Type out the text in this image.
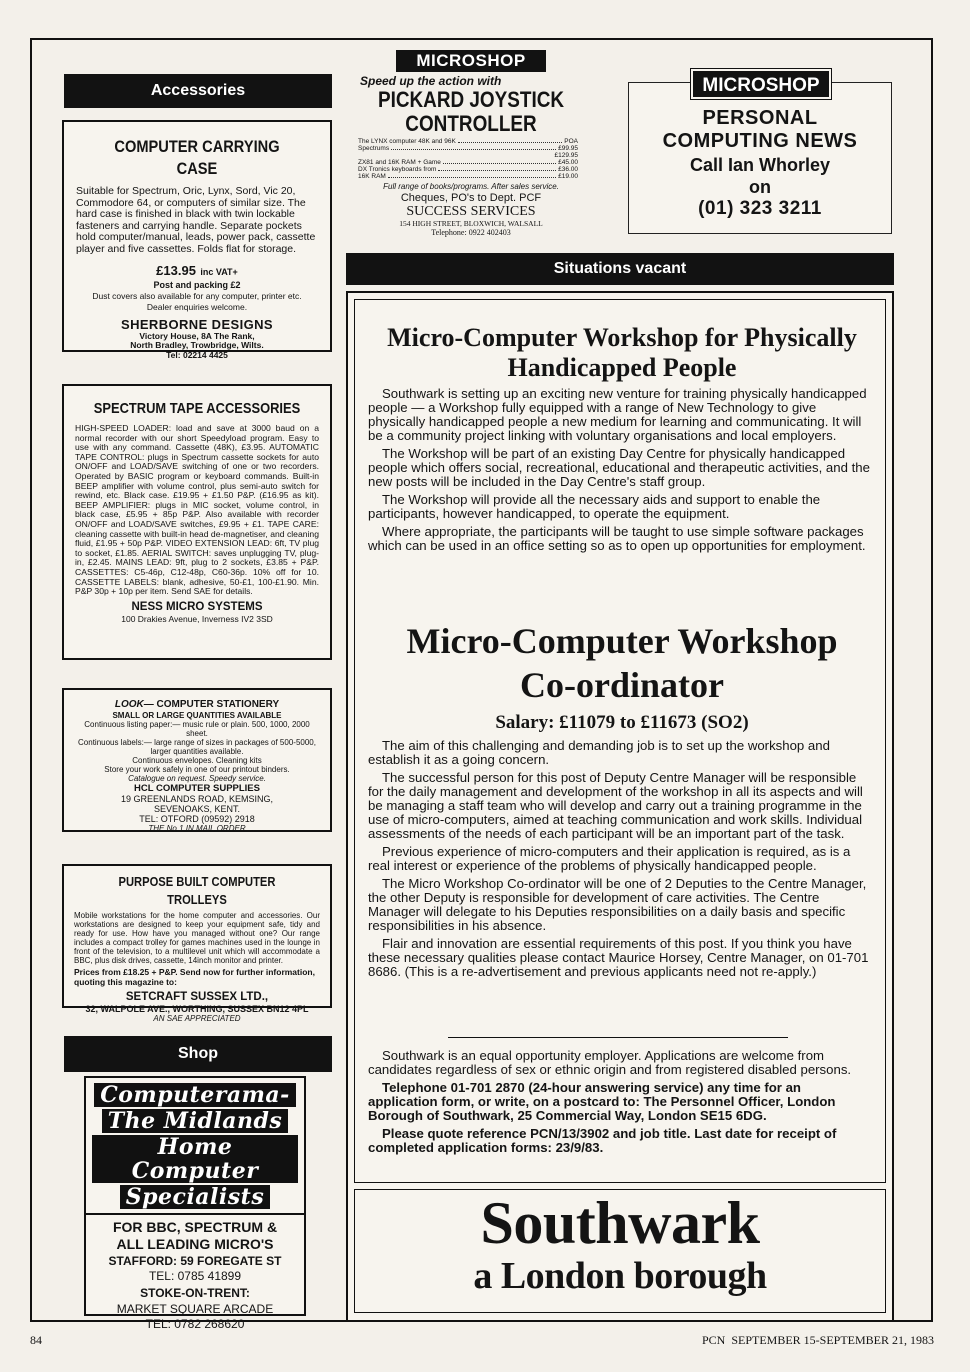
Accessories
COMPUTER CARRYING CASE
Suitable for Spectrum, Oric, Lynx, Sord, Vic 20, Commodore 64, or computers of similar size. The hard case is finished in black with twin lockable fasteners and carrying handle. Separate pockets hold computer/manual, leads, power pack, cassette player and five cassettes. Folds flat for storage.
£13.95 inc VAT+
Post and packing £2
Dust covers also available for any computer, printer etc.
Dealer enquiries welcome.
SHERBORNE DESIGNS
Victory House, 8A The Rank,
North Bradley, Trowbridge, Wilts.
Tel: 02214 4425
SPECTRUM TAPE ACCESSORIES
HIGH-SPEED LOADER: load and save at 3000 baud on a normal recorder with our short Speedyload program. Easy to use with any command. Cassette (48K), £3.95. AUTOMATIC TAPE CONTROL: plugs in Spectrum cassette sockets for auto ON/OFF and LOAD/SAVE switching of one or two recorders. Operated by BASIC program or keyboard commands. Built-in BEEP amplifier with volume control, plus semi-auto switch for rewind, etc. Black case. £19.95 + £1.50 P&P. (£16.95 as kit). BEEP AMPLIFIER: plugs in MIC socket, volume control, in black case, £5.95 + 85p P&P. Also available with recorder ON/OFF and LOAD/SAVE switches, £9.95 + £1. TAPE CARE: cleaning cassette with built-in head de-magnetiser, and cleaning fluid, £1.95 + 50p P&P. VIDEO EXTENSION LEAD: 6ft, TV plug to socket, £1.85. AERIAL SWITCH: saves unplugging TV, plug-in, £2.45. MAINS LEAD: 9ft, plug to 2 sockets, £3.85 + P&P. CASSETTES: C5-46p, C12-48p, C60-36p. 10% off for 10. CASSETTE LABELS: blank, adhesive, 50-£1, 100-£1.90. Min. P&P 30p + 10p per item. Send SAE for details.
NESS MICRO SYSTEMS
100 Drakies Avenue, Inverness IV2 3SD
LOOK— COMPUTER STATIONERY
SMALL OR LARGE QUANTITIES AVAILABLE
Continuous listing paper:— music rule or plain. 500, 1000, 2000 sheet.
Continuous labels:— large range of sizes in packages of 500-5000, larger quantities available.
Continuous envelopes. Cleaning kits
Store your work safely in one of our printout binders.
Catalogue on request. Speedy service.
HCL COMPUTER SUPPLIES
19 GREENLANDS ROAD, KEMSING,
SEVENOAKS, KENT.
TEL: OTFORD (09592) 2918
THE No 1 IN MAIL ORDER
PURPOSE BUILT COMPUTER TROLLEYS
Mobile workstations for the home computer and accessories. Our workstations are designed to keep your equipment safe, tidy and ready for use. How have you managed without one? Our range includes a compact trolley for games machines used in the lounge in front of the television, to a multilevel unit which will accommodate a BBC, plus disk drives, cassette, 14inch monitor and printer.
Prices from £18.25 + P&P. Send now for further information, quoting this magazine to:
SETCRAFT SUSSEX LTD.,
32, WALPOLE AVE., WORTHING, SUSSEX BN12 4PL
AN SAE APPRECIATED
Shop
Computerama- The Midlands Home Computer Specialists
FOR BBC, SPECTRUM &
ALL LEADING MICRO'S
STAFFORD: 59 FOREGATE ST
TEL: 0785 41899
STOKE-ON-TRENT:
MARKET SQUARE ARCADE
TEL: 0782 268620
MICROSHOP
Speed up the action with
PICKARD JOYSTICK
CONTROLLER
The LYNX computer 48K and 96K	POA
Spectrums	£99.95
£129.95
ZX81 and 16K RAM + Game	£45.00
DX Tronics keyboards from	£36.00
16K RAM	£19.00
Full range of books/programs. After sales service.
Cheques, PO's to Dept. PCF
SUCCESS SERVICES
154 HIGH STREET, BLOXWICH, WALSALL
Telephone: 0922 402403
MICROSHOP
PERSONAL
COMPUTING NEWS
Call Ian Whorley
on
(01) 323 3211
Situations vacant
Micro-Computer Workshop for Physically Handicapped People

Southwark is setting up an exciting new venture for training physically handicapped people — a Workshop fully equipped with a range of New Technology to give physically handicapped people a new medium for learning and communicating. It will be a community project linking with voluntary organisations and local employers.

The Workshop will be part of an existing Day Centre for physically handicapped people which offers social, recreational, educational and therapeutic activities, and the new posts will be included in the Day Centre's staff group.

The Workshop will provide all the necessary aids and support to enable the participants, however handicapped, to operate the equipment.

Where appropriate, the participants will be taught to use simple software packages which can be used in an office setting so as to open up opportunities for employment.

Micro-Computer Workshop
Co-ordinator
Salary: £11079 to £11673 (SO2)

The aim of this challenging and demanding job is to set up the workshop and establish it as a going concern.

The successful person for this post of Deputy Centre Manager will be responsible for the daily management and development of the workshop in all its aspects and will be managing a staff team who will develop and carry out a training programme in the use of micro-computers, aimed at teaching communication and work skills. Individual assessments of the needs of each participant will be an important part of the task.

Previous experience of micro-computers and their application is required, as is a real interest or experience of the problems of physically handicapped people.

The Micro Workshop Co-ordinator will be one of 2 Deputies to the Centre Manager, the other Deputy is responsible for development of care activities. The Centre Manager will delegate to his Deputies responsibilities on a daily basis and specific responsibilities in his absence.

Flair and innovation are essential requirements of this post. If you think you have these necessary qualities please contact Maurice Horsey, Centre Manager, on 01-701 8686. (This is a re-advertisement and previous applicants need not re-apply.)

Southwark is an equal opportunity employer. Applications are welcome from candidates regardless of sex or ethnic origin and from registered disabled persons.

Telephone 01-701 2870 (24-hour answering service) any time for an application form, or write, on a postcard to: The Personnel Officer, London Borough of Southwark, 25 Commercial Way, London SE15 6DG.

Please quote reference PCN/13/3902 and job title. Last date for receipt of completed application forms: 23/9/83.

Southwark
a London borough
84	PCN  SEPTEMBER 15-SEPTEMBER 21, 1983
